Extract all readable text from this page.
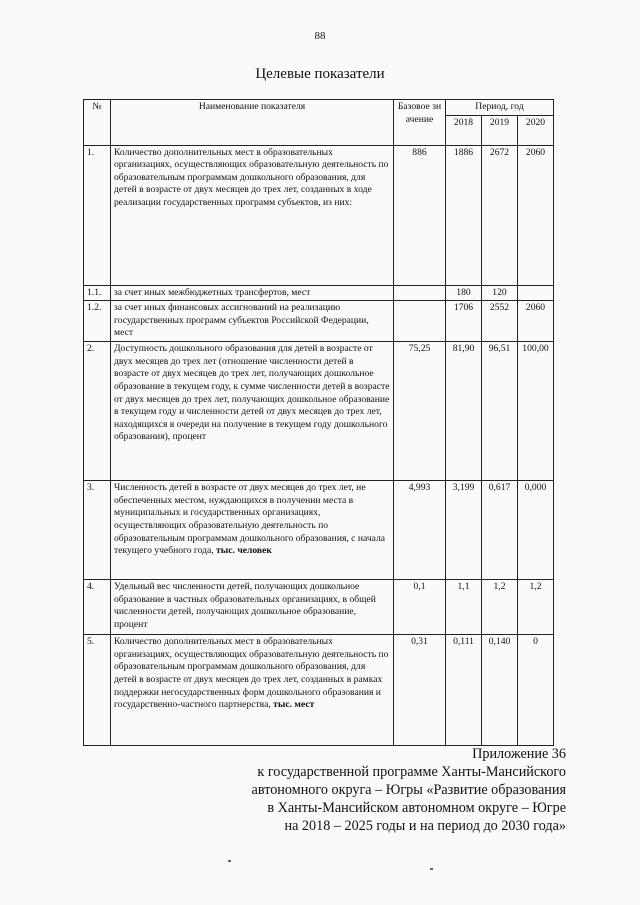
88
Целевые показатели
№	Наименование показателя	Базовое значение	Период, год		
			2018	2019	2020
1.	Количество дополнительных мест в образовательных организациях, осуществляющих образовательную деятельность по образовательным программам дошкольного образования, для детей в возрасте от двух месяцев до трех лет, созданных в ходе реализации государственных программ субъектов, из них:	886	1886	2672	2060
1.1.	за счет иных межбюджетных трансфертов, мест		180	120	
1.2.	за счет иных финансовых ассигнований на реализацию государственных программ субъектов Российской Федерации, мест		1706	2552	2060
2.	Доступность дошкольного образования для детей в возрасте от двух месяцев до трех лет (отношение численности детей в возрасте от двух месяцев до трех лет, получающих дошкольное образование в текущем году, к сумме численности детей в возрасте от двух месяцев до трех лет, получающих дошкольное образование в текущем году и численности детей от двух месяцев до трех лет, находящихся в очереди на получение в текущем году дошкольного образования), процент	75,25	81,90	96,51	100,00
3.	Численность детей в возрасте от двух месяцев до трех лет, не обеспеченных местом, нуждающихся в получении места в муниципальных и государственных организациях, осуществляющих образовательную деятельность по образовательным программам дошкольного образования, с начала текущего учебного года, тыс. человек	4,993	3,199	0,617	0,000
4.	Удельный вес численности детей, получающих дошкольное образование в частных образовательных организациях, в общей численности детей, получающих дошкольное образование, процент	0,1	1,1	1,2	1,2
5.	Количество дополнительных мест в образовательных организациях, осуществляющих образовательную деятельность по образовательным программам дошкольного образования, для детей в возрасте от двух месяцев до трех лет, созданных в рамках поддержки негосударственных форм дошкольного образования и государственно-частного партнерства, тыс. мест	0,31	0,111	0,140	0
Приложение 36
к государственной программе Ханты-Мансийского
автономного округа – Югры «Развитие образования
в Ханты-Мансийском автономном округе – Югре
на 2018 – 2025 годы и на период до 2030 года»
